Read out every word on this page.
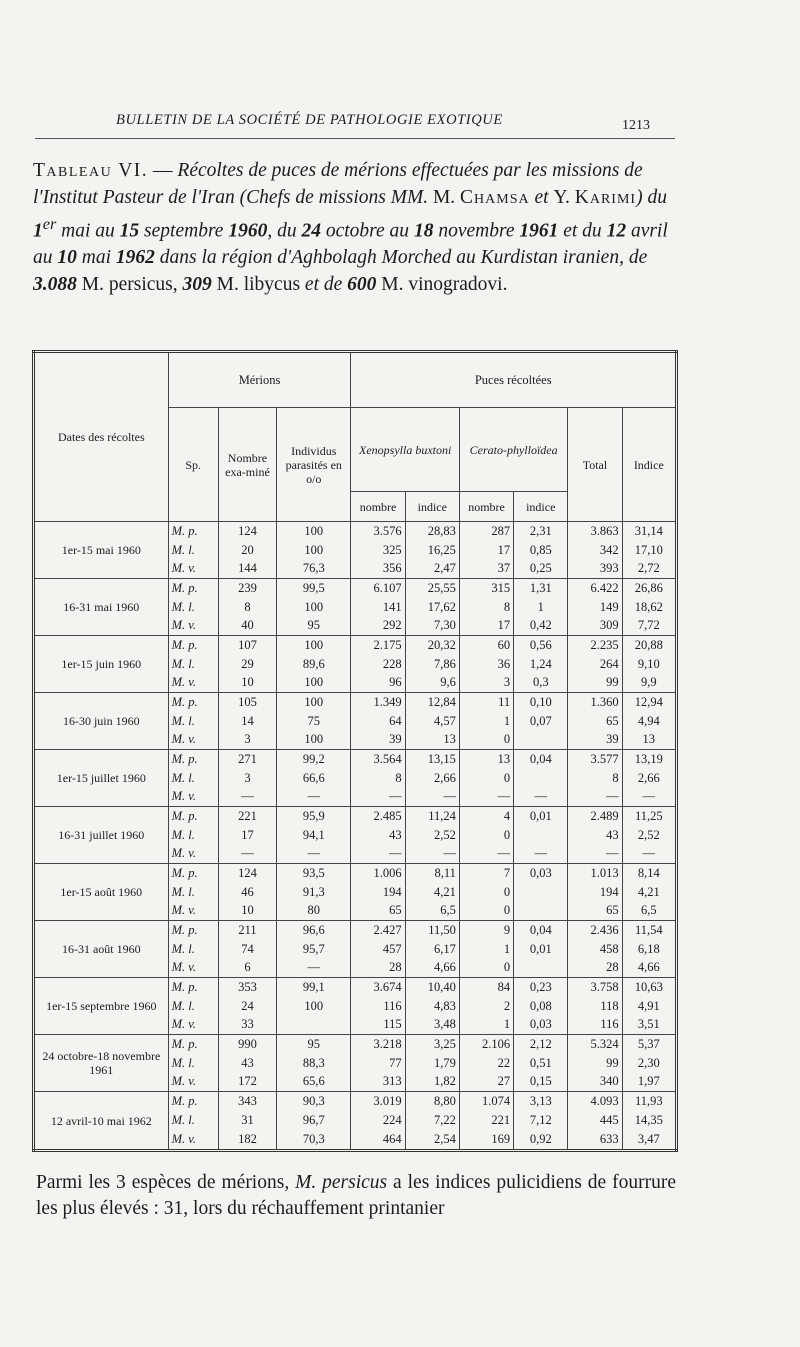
BULLETIN DE LA SOCIÉTÉ DE PATHOLOGIE EXOTIQUE	1213
Tableau VI. — Récoltes de puces de mérions effectuées par les missions de l'Institut Pasteur de l'Iran (Chefs de missions MM. M. Chamsa et Y. Karimi) du 1er mai au 15 septembre 1960, du 24 octobre au 18 novembre 1961 et du 12 avril au 10 mai 1962 dans la région d'Aghbolagh Morched au Kurdistan iranien, de 3.088 M. persicus, 309 M. libycus et de 600 M. vinogradovi.
Dates des récoltes	Mérions			Puces récoltées					
	Sp.	Nombre exa-miné	Individus parasités en o/o	Xenopsylla buxtoni		Cerato-phylloïdea		Total	Indice
				nombre	indice	nombre	indice		
1er-15 mai 1960	M. p.	124	100	3.576	28,83	287	2,31	3.863	31,14
	M. l.	20	100	325	16,25	17	0,85	342	17,10
	M. v.	144	76,3	356	2,47	37	0,25	393	2,72
16-31 mai 1960	M. p.	239	99,5	6.107	25,55	315	1,31	6.422	26,86
	M. l.	8	100	141	17,62	8	1	149	18,62
	M. v.	40	95	292	7,30	17	0,42	309	7,72
1er-15 juin 1960	M. p.	107	100	2.175	20,32	60	0,56	2.235	20,88
	M. l.	29	89,6	228	7,86	36	1,24	264	9,10
	M. v.	10	100	96	9,6	3	0,3	99	9,9
16-30 juin 1960	M. p.	105	100	1.349	12,84	11	0,10	1.360	12,94
	M. l.	14	75	64	4,57	1	0,07	65	4,94
	M. v.	3	100	39	13	0		39	13
1er-15 juillet 1960	M. p.	271	99,2	3.564	13,15	13	0,04	3.577	13,19
	M. l.	3	66,6	8	2,66	0		8	2,66
	M. v.	—	—	—	—	—	—	—	—
16-31 juillet 1960	M. p.	221	95,9	2.485	11,24	4	0,01	2.489	11,25
	M. l.	17	94,1	43	2,52	0		43	2,52
	M. v.	—	—	—	—	—	—	—	—
1er-15 août 1960	M. p.	124	93,5	1.006	8,11	7	0,03	1.013	8,14
	M. l.	46	91,3	194	4,21	0		194	4,21
	M. v.	10	80	65	6,5	0		65	6,5
16-31 août 1960	M. p.	211	96,6	2.427	11,50	9	0,04	2.436	11,54
	M. l.	74	95,7	457	6,17	1	0,01	458	6,18
	M. v.	6	—	28	4,66	0		28	4,66
1er-15 septembre 1960	M. p.	353	99,1	3.674	10,40	84	0,23	3.758	10,63
	M. l.	24	100	116	4,83	2	0,08	118	4,91
	M. v.	33		115	3,48	1	0,03	116	3,51
24 octobre-18 novembre 1961	M. p.	990	95	3.218	3,25	2.106	2,12	5.324	5,37
	M. l.	43	88,3	77	1,79	22	0,51	99	2,30
	M. v.	172	65,6	313	1,82	27	0,15	340	1,97
12 avril-10 mai 1962	M. p.	343	90,3	3.019	8,80	1.074	3,13	4.093	11,93
	M. l.	31	96,7	224	7,22	221	7,12	445	14,35
	M. v.	182	70,3	464	2,54	169	0,92	633	3,47
Parmi les 3 espèces de mérions, M. persicus a les indices pulicidiens de fourrure les plus élevés : 31, lors du réchauffement printanier
